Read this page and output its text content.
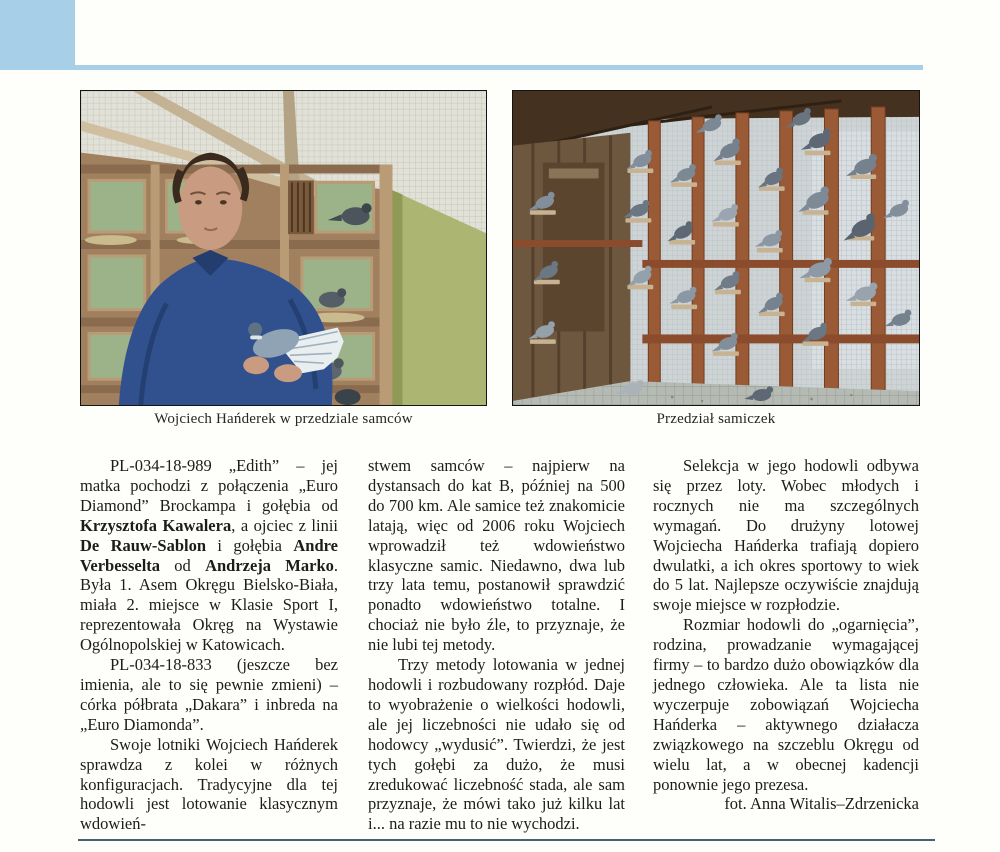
Wojciech Hańderek w przedziale samców	Przedział samiczek

PL-034-18-989 „Edith” – jej matka pochodzi z połączenia „Euro Diamond” Brockampa i gołębia od Krzysztofa Kawalera, a ojciec z linii De Rauw-Sablon i gołębia Andre Verbesselta od Andrzeja Marko. Była 1. Asem Okręgu Bielsko-Biała, miała 2. miejsce w Klasie Sport I, reprezentowała Okręg na Wystawie Ogólnopolskiej w Katowicach.

PL-034-18-833 (jeszcze bez imienia, ale to się pewnie zmieni) – córka półbrata „Dakara” i inbreda na „Euro Diamonda”.

Swoje lotniki Wojciech Hańderek sprawdza z kolei w różnych konfiguracjach. Tradycyjne dla tej hodowli jest lotowanie klasycznym wdowień-

stwem samców – najpierw na dystansach do kat B, później na 500 do 700 km. Ale samice też znakomicie latają, więc od 2006 roku Wojciech wprowadził też wdowieństwo klasyczne samic. Niedawno, dwa lub trzy lata temu, postanowił sprawdzić ponadto wdowieństwo totalne. I chociaż nie było źle, to przyznaje, że nie lubi tej metody.

Trzy metody lotowania w jednej hodowli i rozbudowany rozpłód. Daje to wyobrażenie o wielkości hodowli, ale jej liczebności nie udało się od hodowcy „wydusić”. Twierdzi, że jest tych gołębi za dużo, że musi zredukować liczebność stada, ale sam przyznaje, że mówi tako już kilku lat i... na razie mu to nie wychodzi.

Selekcja w jego hodowli odbywa się przez loty. Wobec młodych i rocznych nie ma szczególnych wymagań. Do drużyny lotowej Wojciecha Hańderka trafiają dopiero dwulatki, a ich okres sportowy to wiek do 5 lat. Najlepsze oczywiście znajdują swoje miejsce w rozpłodzie.

Rozmiar hodowli do „ogarnięcia”, rodzina, prowadzanie wymagającej firmy – to bardzo dużo obowiązków dla jednego człowieka. Ale ta lista nie wyczerpuje zobowiązań Wojciecha Hańderka – aktywnego działacza związkowego na szczeblu Okręgu od wielu lat, a w obecnej kadencji ponownie jego prezesa.

fot. Anna Witalis–Zdrzenicka
